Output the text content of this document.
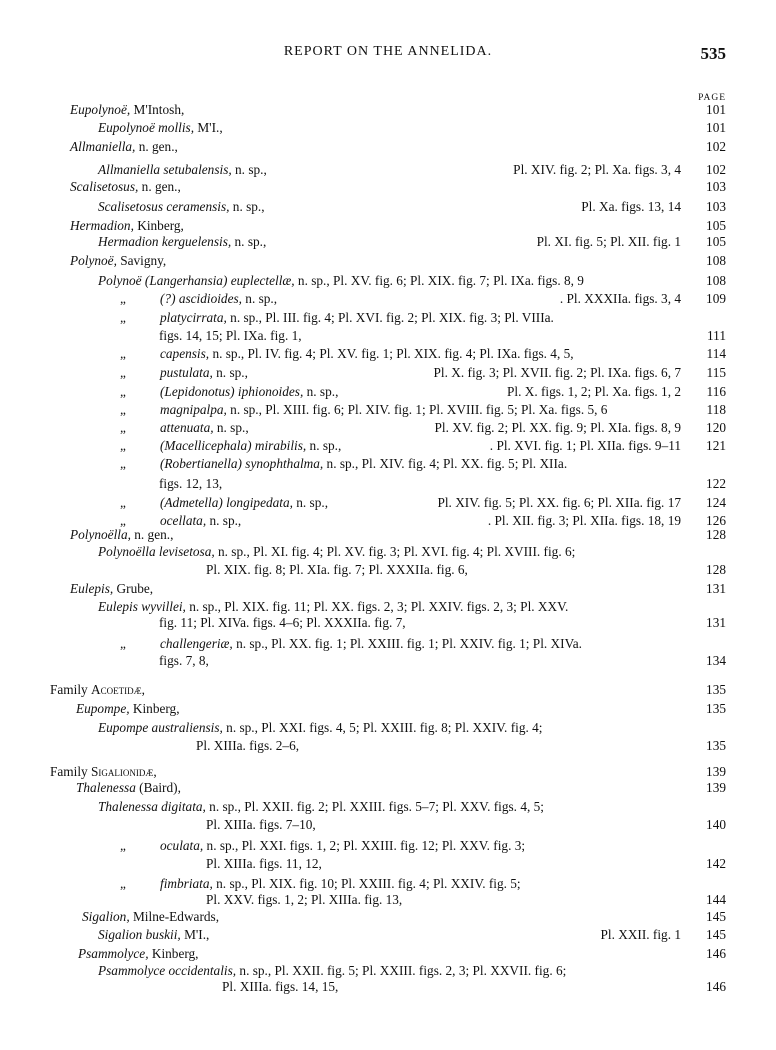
REPORT ON THE ANNELIDA.	535
PAGE
Eupolynoë, M'Intosh,	101
Eupolynoë mollis, M'I.,	101
Allmaniella, n. gen.,	102
Allmaniella setubalensis, n. sp.,	Pl. XIV. fig. 2; Pl. Xa. figs. 3, 4 102
Scalisetosus, n. gen.,	103
Scalisetosus ceramensis, n. sp.,	Pl. Xa. figs. 13, 14 103
Hermadion, Kinberg,	105
Hermadion kerguelensis, n. sp.,	Pl. XI. fig. 5; Pl. XII. fig. 1 105
Polynoë, Savigny,	108
Polynoë (Langerhansia) euplectellæ, n. sp., Pl. XV. fig. 6; Pl. XIX. fig. 7; Pl. IXa. figs. 8, 9	108
„	(?) ascidioides, n. sp.,	. Pl. XXXIIa. figs. 3, 4 109
„	platycirrata, n. sp., Pl. III. fig. 4; Pl. XVI. fig. 2; Pl. XIX. fig. 3; Pl. VIIIa.
figs. 14, 15; Pl. IXa. fig. 1,	111
„	capensis, n. sp., Pl. IV. fig. 4; Pl. XV. fig. 1; Pl. XIX. fig. 4; Pl. IXa. figs. 4, 5,	114
„	pustulata, n. sp.,	Pl. X. fig. 3; Pl. XVII. fig. 2; Pl. IXa. figs. 6, 7 115
„	(Lepidonotus) iphionoides, n. sp.,	Pl. X. figs. 1, 2; Pl. Xa. figs. 1, 2 116
„	magnipalpa, n. sp., Pl. XIII. fig. 6; Pl. XIV. fig. 1; Pl. XVIII. fig. 5; Pl. Xa. figs. 5, 6	118
„	attenuata, n. sp.,	Pl. XV. fig. 2; Pl. XX. fig. 9; Pl. XIa. figs. 8, 9 120
„	(Macellicephala) mirabilis, n. sp.,	. Pl. XVI. fig. 1; Pl. XIIa. figs. 9–11 121
„	(Robertianella) synophthalma, n. sp., Pl. XIV. fig. 4; Pl. XX. fig. 5; Pl. XIIa.
figs. 12, 13,	122
„	(Admetella) longipedata, n. sp.,	Pl. XIV. fig. 5; Pl. XX. fig. 6; Pl. XIIa. fig. 17 124
„	ocellata, n. sp.,	. Pl. XII. fig. 3; Pl. XIIa. figs. 18, 19 126
Polynoëlla, n. gen.,	128
Polynoëlla levisetosa, n. sp., Pl. XI. fig. 4; Pl. XV. fig. 3; Pl. XVI. fig. 4; Pl. XVIII. fig. 6;
Pl. XIX. fig. 8; Pl. XIa. fig. 7; Pl. XXXIIa. fig. 6,	128
Eulepis, Grube,	131
Eulepis wyvillei, n. sp., Pl. XIX. fig. 11; Pl. XX. figs. 2, 3; Pl. XXIV. figs. 2, 3; Pl. XXV.
fig. 11; Pl. XIVa. figs. 4–6; Pl. XXXIIa. fig. 7,	131
„	challengeriæ, n. sp., Pl. XX. fig. 1; Pl. XXIII. fig. 1; Pl. XXIV. fig. 1; Pl. XIVa.
figs. 7, 8,	134
Family Acoetidæ,	135
Eupompe, Kinberg,	135
Eupompe australiensis, n. sp., Pl. XXI. figs. 4, 5; Pl. XXIII. fig. 8; Pl. XXIV. fig. 4;
Pl. XIIIa. figs. 2–6,	135
Family Sigalionidæ,	139
Thalenessa (Baird),	139
Thalenessa digitata, n. sp., Pl. XXII. fig. 2; Pl. XXIII. figs. 5–7; Pl. XXV. figs. 4, 5;
Pl. XIIIa. figs. 7–10,	140
„	oculata, n. sp., Pl. XXI. figs. 1, 2; Pl. XXIII. fig. 12; Pl. XXV. fig. 3;
Pl. XIIIa. figs. 11, 12,	142
„	fimbriata, n. sp., Pl. XIX. fig. 10; Pl. XXIII. fig. 4; Pl. XXIV. fig. 5;
Pl. XXV. figs. 1, 2; Pl. XIIIa. fig. 13,	144
Sigalion, Milne-Edwards,	145
Sigalion buskii, M'I.,	Pl. XXII. fig. 1 145
Psammolyce, Kinberg,	146
Psammolyce occidentalis, n. sp., Pl. XXII. fig. 5; Pl. XXIII. figs. 2, 3; Pl. XXVII. fig. 6;
Pl. XIIIa. figs. 14, 15,	146
